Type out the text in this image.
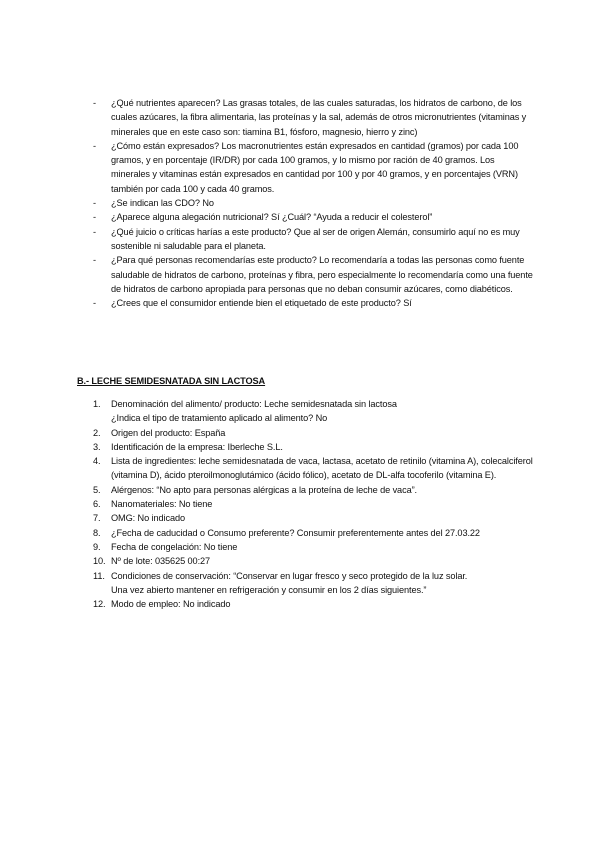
- ¿Qué nutrientes aparecen? Las grasas totales, de las cuales saturadas, los hidratos de carbono, de los cuales azúcares, la fibra alimentaria, las proteínas y la sal, además de otros micronutrientes (vitaminas y minerales que en este caso son: tiamina B1, fósforo, magnesio, hierro y zinc)
- ¿Cómo están expresados? Los macronutrientes están expresados en cantidad (gramos) por cada 100 gramos, y en porcentaje (IR/DR) por cada 100 gramos, y lo mismo por ración de 40 gramos. Los minerales y vitaminas están expresados en cantidad por 100 y por 40 gramos, y en porcentajes (VRN) también por cada 100 y cada 40 gramos.
- ¿Se indican las CDO? No
- ¿Aparece alguna alegación nutricional? Sí ¿Cuál? “Ayuda a reducir el colesterol”
- ¿Qué juicio o críticas harías a este producto? Que al ser de origen Alemán, consumirlo aquí no es muy sostenible ni saludable para el planeta.
- ¿Para qué personas recomendarías este producto? Lo recomendaría a todas las personas como fuente saludable de hidratos de carbono, proteínas y fibra, pero especialmente lo recomendaría como una fuente de hidratos de carbono apropiada para personas que no deban consumir azúcares, como diabéticos.
- ¿Crees que el consumidor entiende bien el etiquetado de este producto? Sí
B.- LECHE SEMIDESNATADA SIN LACTOSA
1. Denominación del alimento/ producto: Leche semidesnatada sin lactosa
¿Indica el tipo de tratamiento aplicado al alimento? No
2. Origen del producto: España
3. Identificación de la empresa: Iberleche S.L.
4. Lista de ingredientes: leche semidesnatada de vaca, lactasa, acetato de retinilo (vitamina A), colecalciferol (vitamina D), ácido pteroilmonoglutámico (ácido fólico), acetato de DL-alfa tocoferilo (vitamina E).
5. Alérgenos: “No apto para personas alérgicas a la proteína de leche de vaca”.
6. Nanomateriales: No tiene
7. OMG: No indicado
8. ¿Fecha de caducidad o Consumo preferente? Consumir preferentemente antes del 27.03.22
9. Fecha de congelación: No tiene
10. Nº de lote: 035625 00:27
11. Condiciones de conservación: “Conservar en lugar fresco y seco protegido de la luz solar.
Una vez abierto mantener en refrigeración y consumir en los 2 días siguientes.”
12. Modo de empleo: No indicado
